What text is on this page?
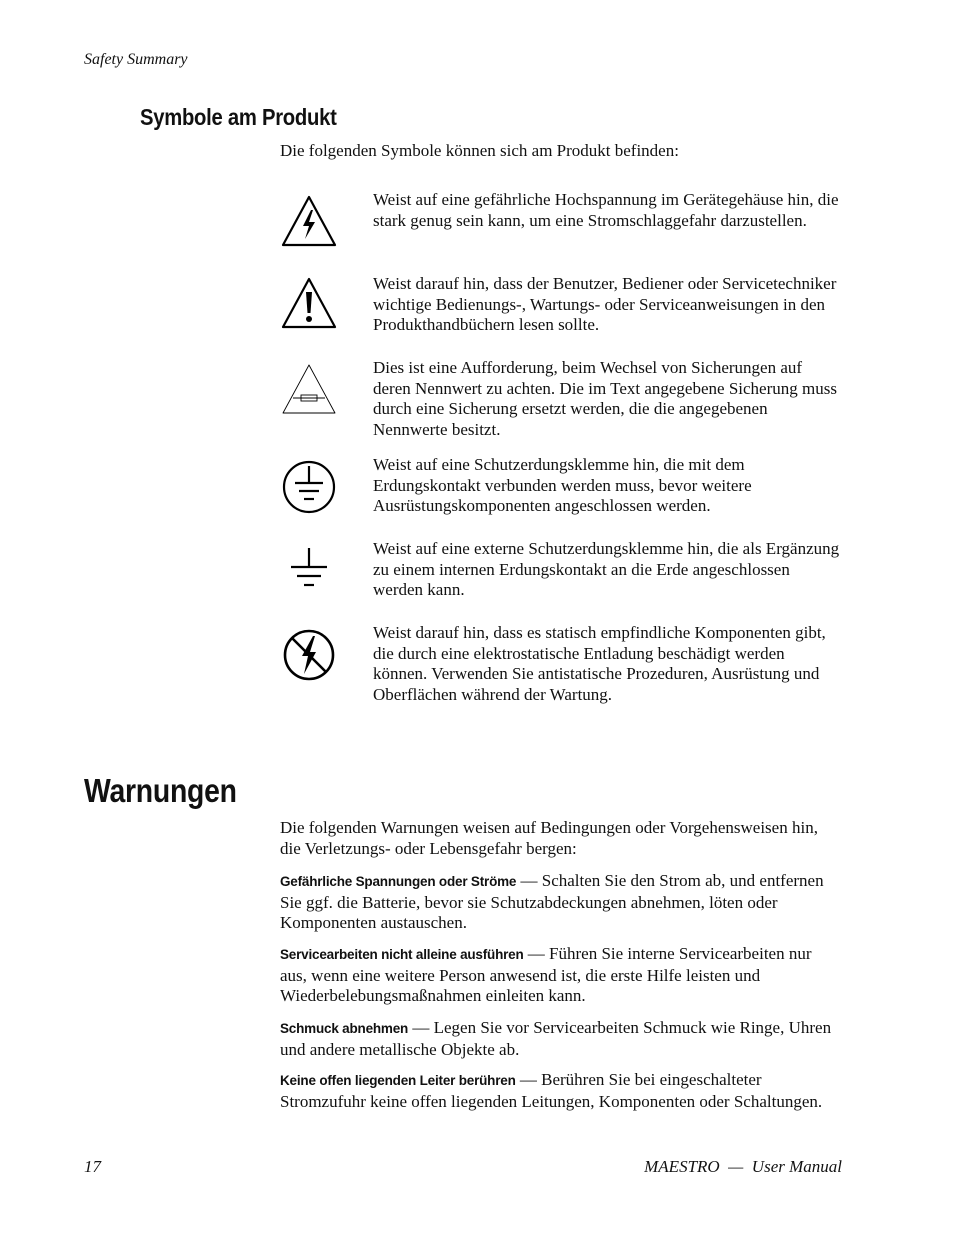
Safety Summary
Symbole am Produkt
Die folgenden Symbole können sich am Produkt befinden:
Weist auf eine gefährliche Hochspannung im Gerätegehäuse hin, die stark genug sein kann, um eine Stromschlaggefahr darzustellen.
Weist darauf hin, dass der Benutzer, Bediener oder Servicetechniker wichtige Bedienungs-, Wartungs- oder Serviceanweisungen in den Produkthandbüchern lesen sollte.
Dies ist eine Aufforderung, beim Wechsel von Sicherungen auf deren Nennwert zu achten. Die im Text angegebene Sicherung muss durch eine Sicherung ersetzt werden, die die angegebenen Nennwerte besitzt.
Weist auf eine Schutzerdungsklemme hin, die mit dem Erdungskontakt verbunden werden muss, bevor weitere Ausrüstungskomponenten angeschlossen werden.
Weist auf eine externe Schutzerdungsklemme hin, die als Ergänzung zu einem internen Erdungskontakt an die Erde angeschlossen werden kann.
Weist darauf hin, dass es statisch empfindliche Komponenten gibt, die durch eine elektrostatische Entladung beschädigt werden können. Verwenden Sie antistatische Prozeduren, Ausrüstung und Oberflächen während der Wartung.
Warnungen
Die folgenden Warnungen weisen auf Bedingungen oder Vorgehensweisen hin, die Verletzungs- oder Lebensgefahr bergen:
Gefährliche Spannungen oder Ströme — Schalten Sie den Strom ab, und entfernen Sie ggf. die Batterie, bevor sie Schutzabdeckungen abnehmen, löten oder Komponenten austauschen.
Servicearbeiten nicht alleine ausführen — Führen Sie interne Servicearbeiten nur aus, wenn eine weitere Person anwesend ist, die erste Hilfe leisten und Wiederbelebungsmaßnahmen einleiten kann.
Schmuck abnehmen — Legen Sie vor Servicearbeiten Schmuck wie Ringe, Uhren und andere metallische Objekte ab.
Keine offen liegenden Leiter berühren — Berühren Sie bei eingeschalteter Stromzufuhr keine offen liegenden Leitungen, Komponenten oder Schaltungen.
17	MAESTRO  —  User Manual
